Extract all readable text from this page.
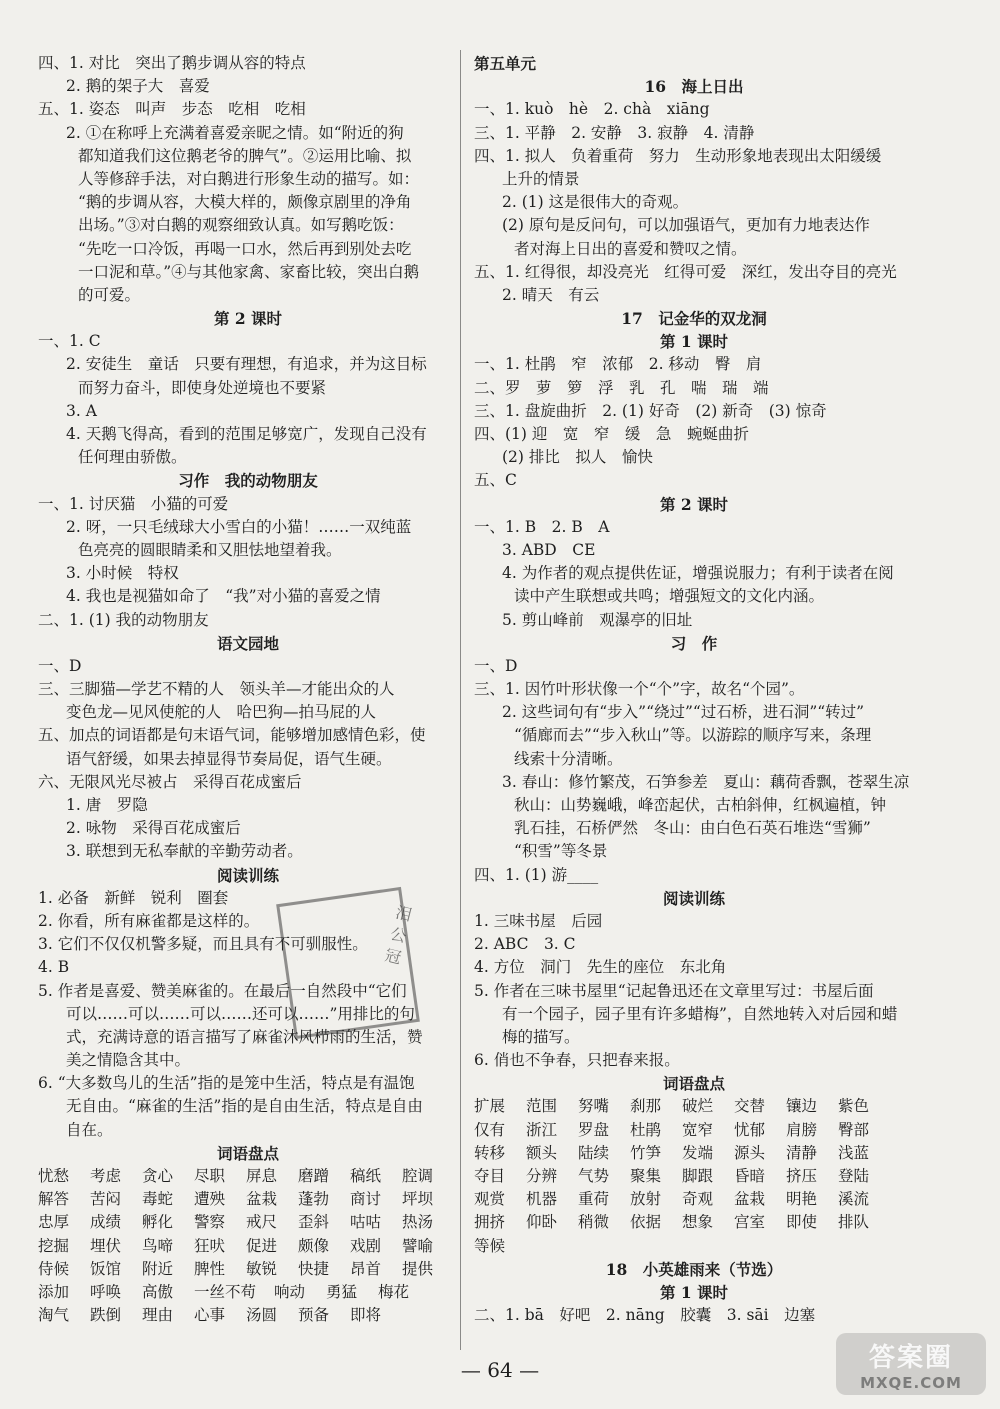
四、1. 对比　突出了鹅步调从容的特点
2. 鹅的架子大　喜爱
五、1. 姿态　叫声　步态　吃相　吃相
2. ①在称呼上充满着喜爱亲昵之情。如“附近的狗
都知道我们这位鹅老爷的脾气”。②运用比喻、拟
人等修辞手法，对白鹅进行形象生动的描写。如：
“鹅的步调从容，大模大样的，颇像京剧里的净角
出场。”③对白鹅的观察细致认真。如写鹅吃饭：
“先吃一口冷饭，再喝一口水，然后再到别处去吃
一口泥和草。”④与其他家禽、家畜比较，突出白鹅
的可爱。
第 2 课时
一、1. C
2. 安徒生　童话　只要有理想，有追求，并为这目标
而努力奋斗，即使身处逆境也不要紧
3. A
4. 天鹅飞得高，看到的范围足够宽广，发现自己没有
任何理由骄傲。
习作　我的动物朋友
一、1. 讨厌猫　小猫的可爱
2. 呀，一只毛绒球大小雪白的小猫！……一双纯蓝
色亮亮的圆眼睛柔和又胆怯地望着我。
3. 小时候　特权
4. 我也是视猫如命了　“我”对小猫的喜爱之情
二、1. (1) 我的动物朋友
语文园地
一、D
三、三脚猫—学艺不精的人　领头羊—才能出众的人
变色龙—见风使舵的人　哈巴狗—拍马屁的人
五、加点的词语都是句末语气词，能够增加感情色彩，使
语气舒缓，如果去掉显得节奏局促，语气生硬。
六、无限风光尽被占　采得百花成蜜后
1. 唐　罗隐
2. 咏物　采得百花成蜜后
3. 联想到无私奉献的辛勤劳动者。
阅读训练
1. 必备　新鲜　锐利　圈套
2. 你看，所有麻雀都是这样的。
3. 它们不仅仅机警多疑，而且具有不可驯服性。
4. B
5. 作者是喜爱、赞美麻雀的。在最后一自然段中“它们
可以……可以……可以……还可以……”用排比的句
式，充满诗意的语言描写了麻雀沐风栉雨的生活，赞
美之情隐含其中。
6. “大多数鸟儿的生活”指的是笼中生活，特点是有温饱
无自由。“麻雀的生活”指的是自由生活，特点是自由
自在。
词语盘点
忧愁	考虑	贪心	尽职	屏息	磨蹭	稿纸	腔调
解答	苦闷	毒蛇	遭殃	盆栽	蓬勃	商讨	坪坝
忠厚	成绩	孵化	警察	戒尺	歪斜	咕咕	热汤
挖掘	埋伏	鸟啼	狂吠	促进	颇像	戏剧	譬喻
侍候	饭馆	附近	脾性	敏锐	快捷	昂首	提供
添加	呼唤	高傲	一丝不苟	响动	勇猛	梅花
淘气	跌倒	理由	心事	汤圆	预备	即将
第五单元
16　海上日出
一、1. kuò　hè　2. chà　xiāng
三、1. 平静　2. 安静　3. 寂静　4. 清静
四、1. 拟人　负着重荷　努力　生动形象地表现出太阳缓缓
上升的情景
2. (1) 这是很伟大的奇观。
(2) 原句是反问句，可以加强语气，更加有力地表达作
者对海上日出的喜爱和赞叹之情。
五、1. 红得很，却没亮光　红得可爱　深红，发出夺目的亮光
2. 晴天　有云
17　记金华的双龙洞
第 1 课时
一、1. 杜鹃　窄　浓郁　2. 移动　臀　肩
二、罗　萝　箩　浮　乳　孔　喘　瑞　端
三、1. 盘旋曲折　2. (1) 好奇　(2) 新奇　(3) 惊奇
四、(1) 迎　宽　窄　缓　急　蜿蜒曲折
(2) 排比　拟人　愉快
五、C
第 2 课时
一、1. B　2. B　A
3. ABD　CE
4. 为作者的观点提供佐证，增强说服力；有利于读者在阅
读中产生联想或共鸣；增强短文的文化内涵。
5. 剪山峰前　观瀑亭的旧址
习　作
一、D
三、1. 因竹叶形状像一个“个”字，故名“个园”。
2. 这些词句有“步入”“绕过”“过石桥，进石洞”“转过”
“循廊而去”“步入秋山”等。以游踪的顺序写来，条理
线索十分清晰。
3. 春山：修竹繁茂，石笋参差　夏山：藕荷香飘，苍翠生凉
秋山：山势巍峨，峰峦起伏，古柏斜伸，红枫遍植，钟
乳石挂，石桥俨然　冬山：由白色石英石堆迭“雪狮”
“积雪”等冬景
四、1. (1) 游____
阅读训练
1. 三味书屋　后园
2. ABC　3. C
4. 方位　洞门　先生的座位　东北角
5. 作者在三味书屋里“记起鲁迅还在文章里写过：书屋后面
有一个园子，园子里有许多蜡梅”，自然地转入对后园和蜡
梅的描写。
6. 俏也不争春，只把春来报。
词语盘点
扩展	范围	努嘴	刹那	破烂	交替	镶边	紫色
仅有	浙江	罗盘	杜鹃	宽窄	忧郁	肩膀	臀部
转移	额头	陆续	竹笋	发端	源头	清静	浅蓝
夺目	分辨	气势	聚集	脚跟	昏暗	挤压	登陆
观赏	机器	重荷	放射	奇观	盆栽	明艳	溪流
拥挤	仰卧	稍微	依据	想象	宫室	即使	排队
等候
18　小英雄雨来（节选）
第 1 课时
二、1. bā　好吧　2. nāng　胶囊　3. sāi　边塞
泪 公 冠
— 64 —	答案圈
MXQE.COM
